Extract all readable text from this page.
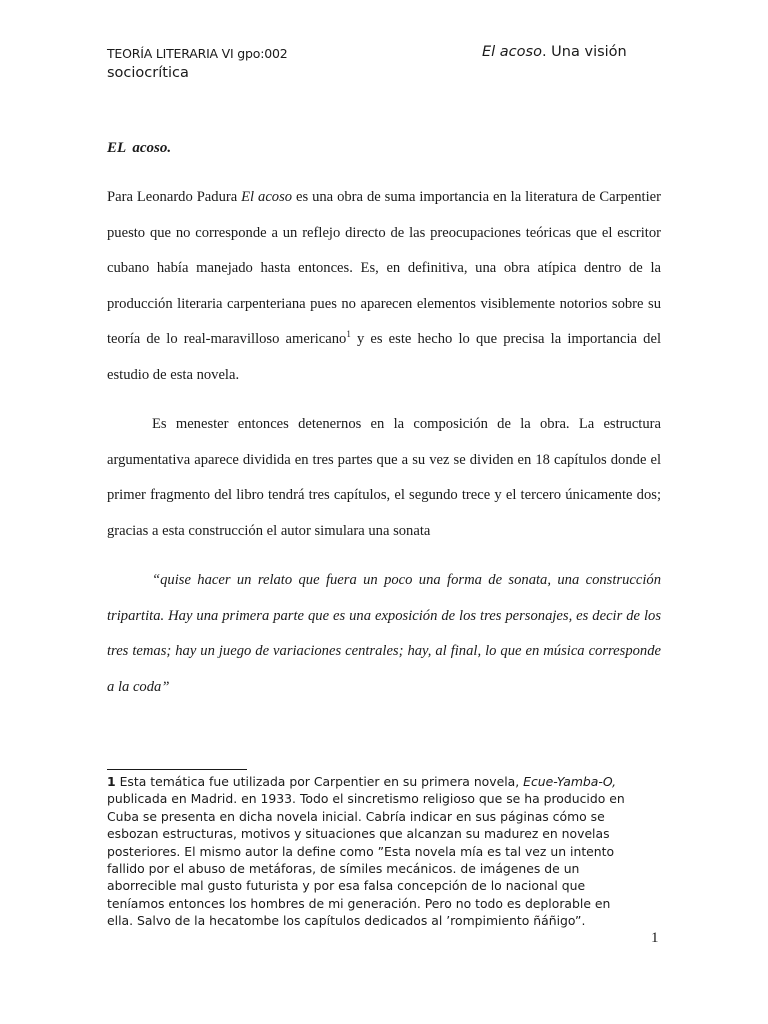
TEORÍA LITERARIA VI gpo:002	El acoso. Una visión
sociocrítica
EL acoso.

Para Leonardo Padura El acoso es una obra de suma importancia en la literatura de Carpentier puesto que no corresponde a un reflejo directo de las preocupaciones teóricas que el escritor cubano había manejado hasta entonces. Es, en definitiva, una obra atípica dentro de la producción literaria carpenteriana pues no aparecen elementos visiblemente notorios sobre su teoría de lo real-maravilloso americano$^1$ y es este hecho lo que precisa la importancia del estudio de esta novela.

Es menester entonces detenernos en la composición de la obra. La estructura argumentativa aparece dividida en tres partes que a su vez se dividen en 18 capítulos donde el primer fragmento del libro tendrá tres capítulos, el segundo trece y el tercero únicamente dos; gracias a esta construcción el autor simulara una sonata

“quise hacer un relato que fuera un poco una forma de sonata, una construcción tripartita. Hay una primera parte que es una exposición de los tres personajes, es decir de los tres temas; hay un juego de variaciones centrales; hay, al final, lo que en música corresponde a la coda”

1 Esta temática fue utilizada por Carpentier en su primera novela, Ecue-Yamba-O, publicada en Madrid. en 1933. Todo el sincretismo religioso que se ha producido en Cuba se presenta en dicha novela inicial. Cabría indicar en sus páginas cómo se esbozan estructuras, motivos y situaciones que alcanzan su madurez en novelas posteriores. El mismo autor la define como ”Esta novela mía es tal vez un intento fallido por el abuso de metáforas, de símiles mecánicos. de imágenes de un aborrecible mal gusto futurista y por esa falsa concepción de lo nacional que teníamos entonces los hombres de mi generación. Pero no todo es deplorable en ella. Salvo de la hecatombe los capítulos dedicados al ’rompimiento ñáñigo”.

1
